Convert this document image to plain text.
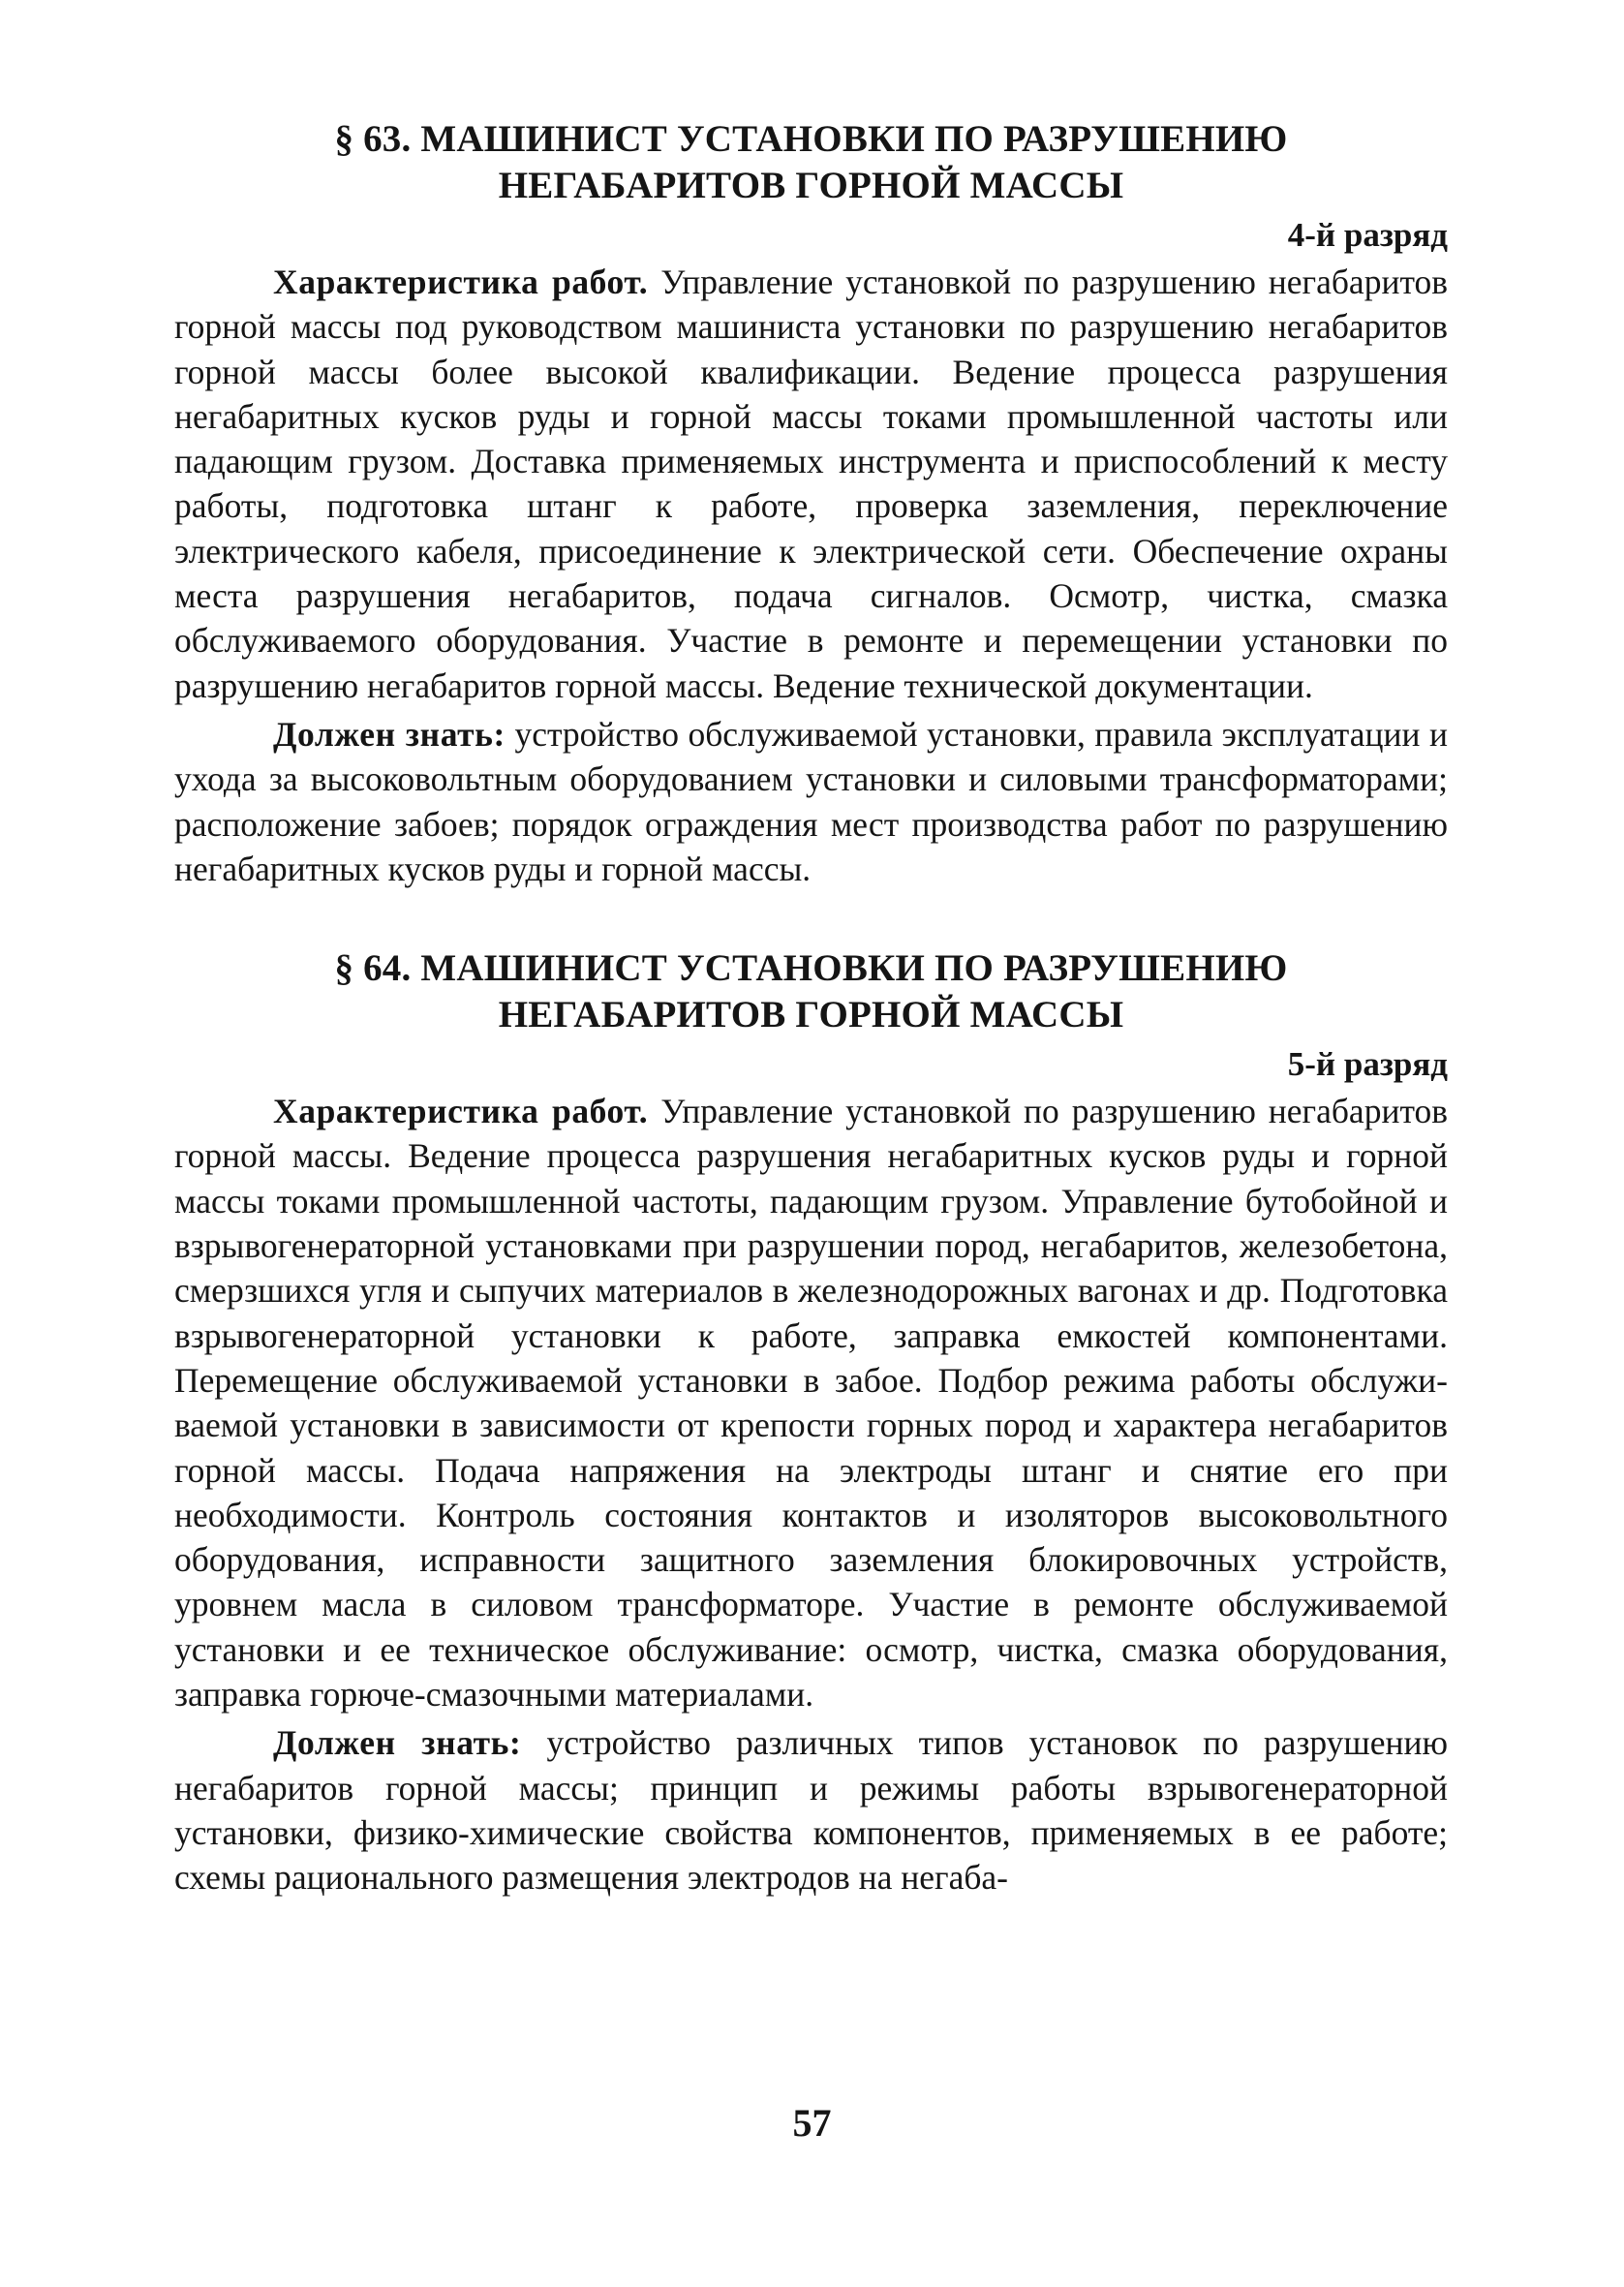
§ 63. МАШИНИСТ УСТАНОВКИ ПО РАЗРУШЕНИЮ
НЕГАБАРИТОВ ГОРНОЙ МАССЫ
4-й разряд

Характеристика работ. Управление установкой по разрушению негабаритов горной массы под руководством машиниста установки по разрушению негабаритов горной массы более высокой квалификации. Ведение процесса разрушения негабаритных кусков руды и горной массы токами промышленной частоты или падающим грузом. Доставка применяемых инструмента и приспособлений к месту работы, подготовка штанг к работе, проверка заземления, переключение электрического кабеля, присоединение к электрической сети. Обеспечение охраны места разрушения негабаритов, подача сигналов. Осмотр, чистка, смазка обслуживаемого оборудования. Участие в ремонте и перемещении установки по разрушению негабаритов горной массы. Ведение технической документации.

Должен знать: устройство обслуживаемой установки, правила эксплуатации и ухода за высоковольтным оборудованием установки и силовыми трансформаторами; расположение забоев; порядок ограждения мест производства работ по разрушению негабаритных кусков руды и горной массы.

§ 64. МАШИНИСТ УСТАНОВКИ ПО РАЗРУШЕНИЮ
НЕГАБАРИТОВ ГОРНОЙ МАССЫ
5-й разряд

Характеристика работ. Управление установкой по разрушению негабаритов горной массы. Ведение процесса разрушения негабаритных кусков руды и горной массы токами промышленной частоты, падающим грузом. Управление бутобойной и взрывогенераторной установками при разрушении пород, негабаритов, железобетона, смерзшихся угля и сыпучих материалов в железнодорожных вагонах и др. Подготовка взрывогенераторной установки к работе, заправка емкостей компонентами. Перемещение обслуживаемой установки в забое. Подбор режима работы обслуживаемой установки в зависимости от крепости горных пород и характера негабаритов горной массы. Подача напряжения на электроды штанг и снятие его при необходимости. Контроль состояния контактов и изоляторов высоковольтного оборудования, исправности защитного заземления блокировочных устройств, уровнем масла в силовом трансформаторе. Участие в ремонте обслуживаемой установки и ее техническое обслуживание: осмотр, чистка, смазка оборудования, заправка горюче-смазочными материалами.

Должен знать: устройство различных типов установок по разрушению негабаритов горной массы; принцип и режимы работы взрывогенераторной установки, физико-химические свойства компонентов, применяемых в ее работе; схемы рационального размещения электродов на негаба-

57
